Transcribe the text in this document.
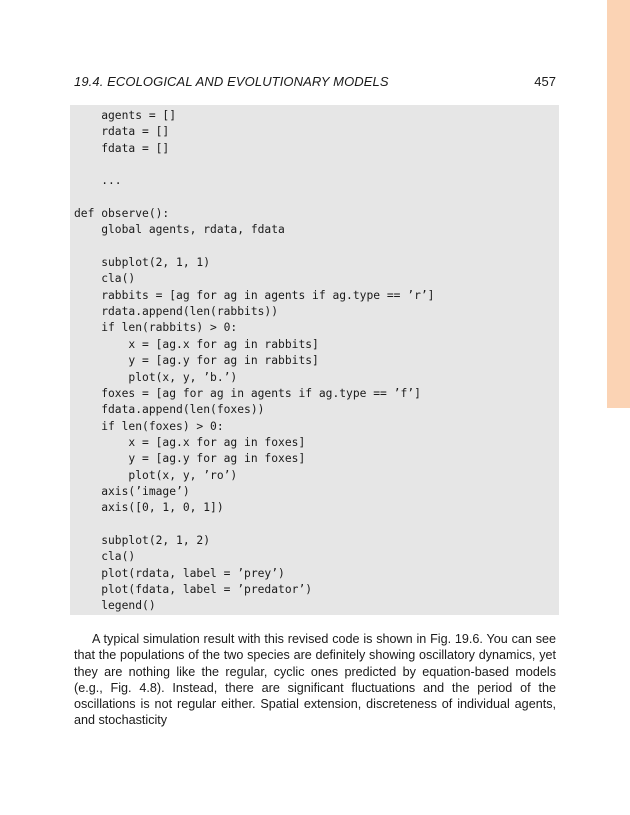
19.4. ECOLOGICAL AND EVOLUTIONARY MODELS	457
agents = []
rdata = []
fdata = []
...
def observe():
global agents, rdata, fdata
subplot(2, 1, 1)
cla()
rabbits = [ag for ag in agents if ag.type == ’r’]
rdata.append(len(rabbits))
if len(rabbits) > 0:
x = [ag.x for ag in rabbits]
y = [ag.y for ag in rabbits]
plot(x, y, ’b.’)
foxes = [ag for ag in agents if ag.type == ’f’]
fdata.append(len(foxes))
if len(foxes) > 0:
x = [ag.x for ag in foxes]
y = [ag.y for ag in foxes]
plot(x, y, ’ro’)
axis(’image’)
axis([0, 1, 0, 1])
subplot(2, 1, 2)
cla()
plot(rdata, label = ’prey’)
plot(fdata, label = ’predator’)
legend()

A typical simulation result with this revised code is shown in Fig. 19.6. You can see that the populations of the two species are definitely showing oscillatory dynamics, yet they are nothing like the regular, cyclic ones predicted by equation-based models (e.g., Fig. 4.8). Instead, there are significant fluctuations and the period of the oscillations is not regular either. Spatial extension, discreteness of individual agents, and stochasticity
